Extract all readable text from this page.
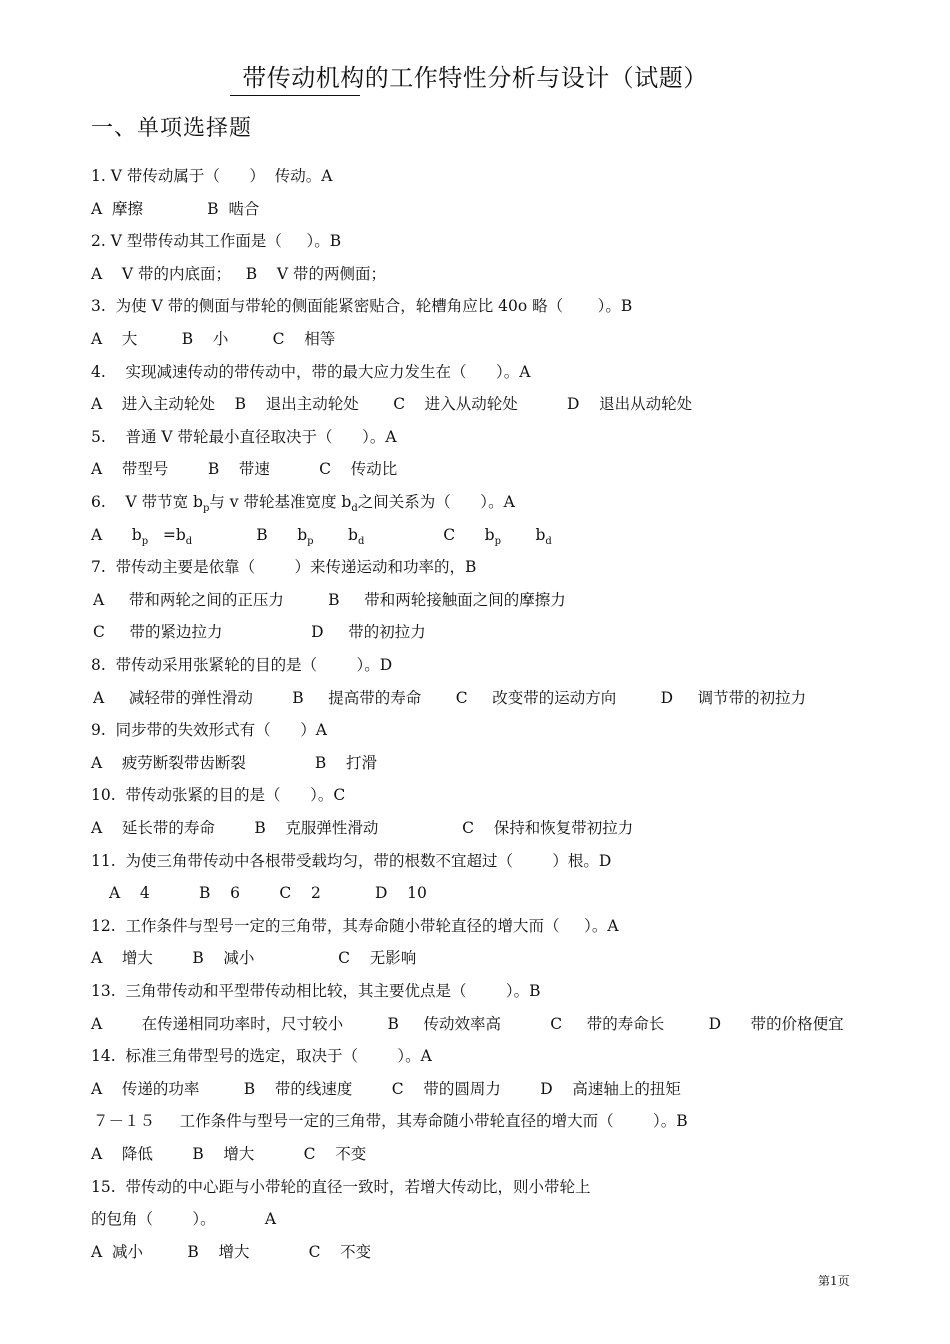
带传动机构的工作特性分析与设计（试题）
一、单项选择题
1. V 带传动属于（      ）  传动。A
A  摩擦             B  啮合
2. V 型带传动其工作面是（     ）。B
A    V 带的内底面；   B    V 带的两侧面；
3.  为使 V 带的侧面与带轮的侧面能紧密贴合，轮槽角应比 40o 略（       ）。B
A    大         B    小         C    相等
4.    实现减速传动的带传动中，带的最大应力发生在（      ）。A
A    进入主动轮处    B    退出主动轮处       C    进入从动轮处          D    退出从动轮处
5.    普通 V 带轮最小直径取决于（      ）。A
A    带型号        B    带速          C    传动比
6.    V 带节宽 $b_p$与 v 带轮基准宽度 $b_d$之间关系为（      ）。A
A      $b_p =b_d$             B      $b_p$       $b_d$                C      $b_p$       $b_d$
7.  带传动主要是依靠（        ）来传递运动和功率的，B
A     带和两轮之间的正压力         B     带和两轮接触面之间的摩擦力
C     带的紧边拉力                  D     带的初拉力
8.  带传动采用张紧轮的目的是（        ）。D
A     减轻带的弹性滑动        B     提高带的寿命       C     改变带的运动方向         D     调节带的初拉力
9.  同步带的失效形式有（      ）A
A    疲劳断裂带齿断裂              B    打滑
10.  带传动张紧的目的是（      ）。C
A    延长带的寿命        B    克服弹性滑动                 C    保持和恢复带初拉力
11.  为使三角带传动中各根带受载均匀，带的根数不宜超过（        ）根。D
A    4          B    6        C    2           D    10
12.  工作条件与型号一定的三角带，其寿命随小带轮直径的增大而（     ）。A
A    增大        B    减小                 C    无影响
13.  三角带传动和平型带传动相比较，其主要优点是（        ）。B
A        在传递相同功率时，尺寸较小         B     传动效率高          C     带的寿命长         D      带的价格便宜
14.  标准三角带型号的选定，取决于（        ）。A
A    传递的功率         B    带的线速度        C    带的圆周力        D    高速轴上的扭矩
７－１５     工作条件与型号一定的三角带，其寿命随小带轮直径的增大而（        ）。B
A    降低        B    增大          C    不变
15.  带传动的中心距与小带轮的直径一致时，若增大传动比，则小带轮上
的包角（        ）。          A
A  减小         B    增大            C    不变
第1页
